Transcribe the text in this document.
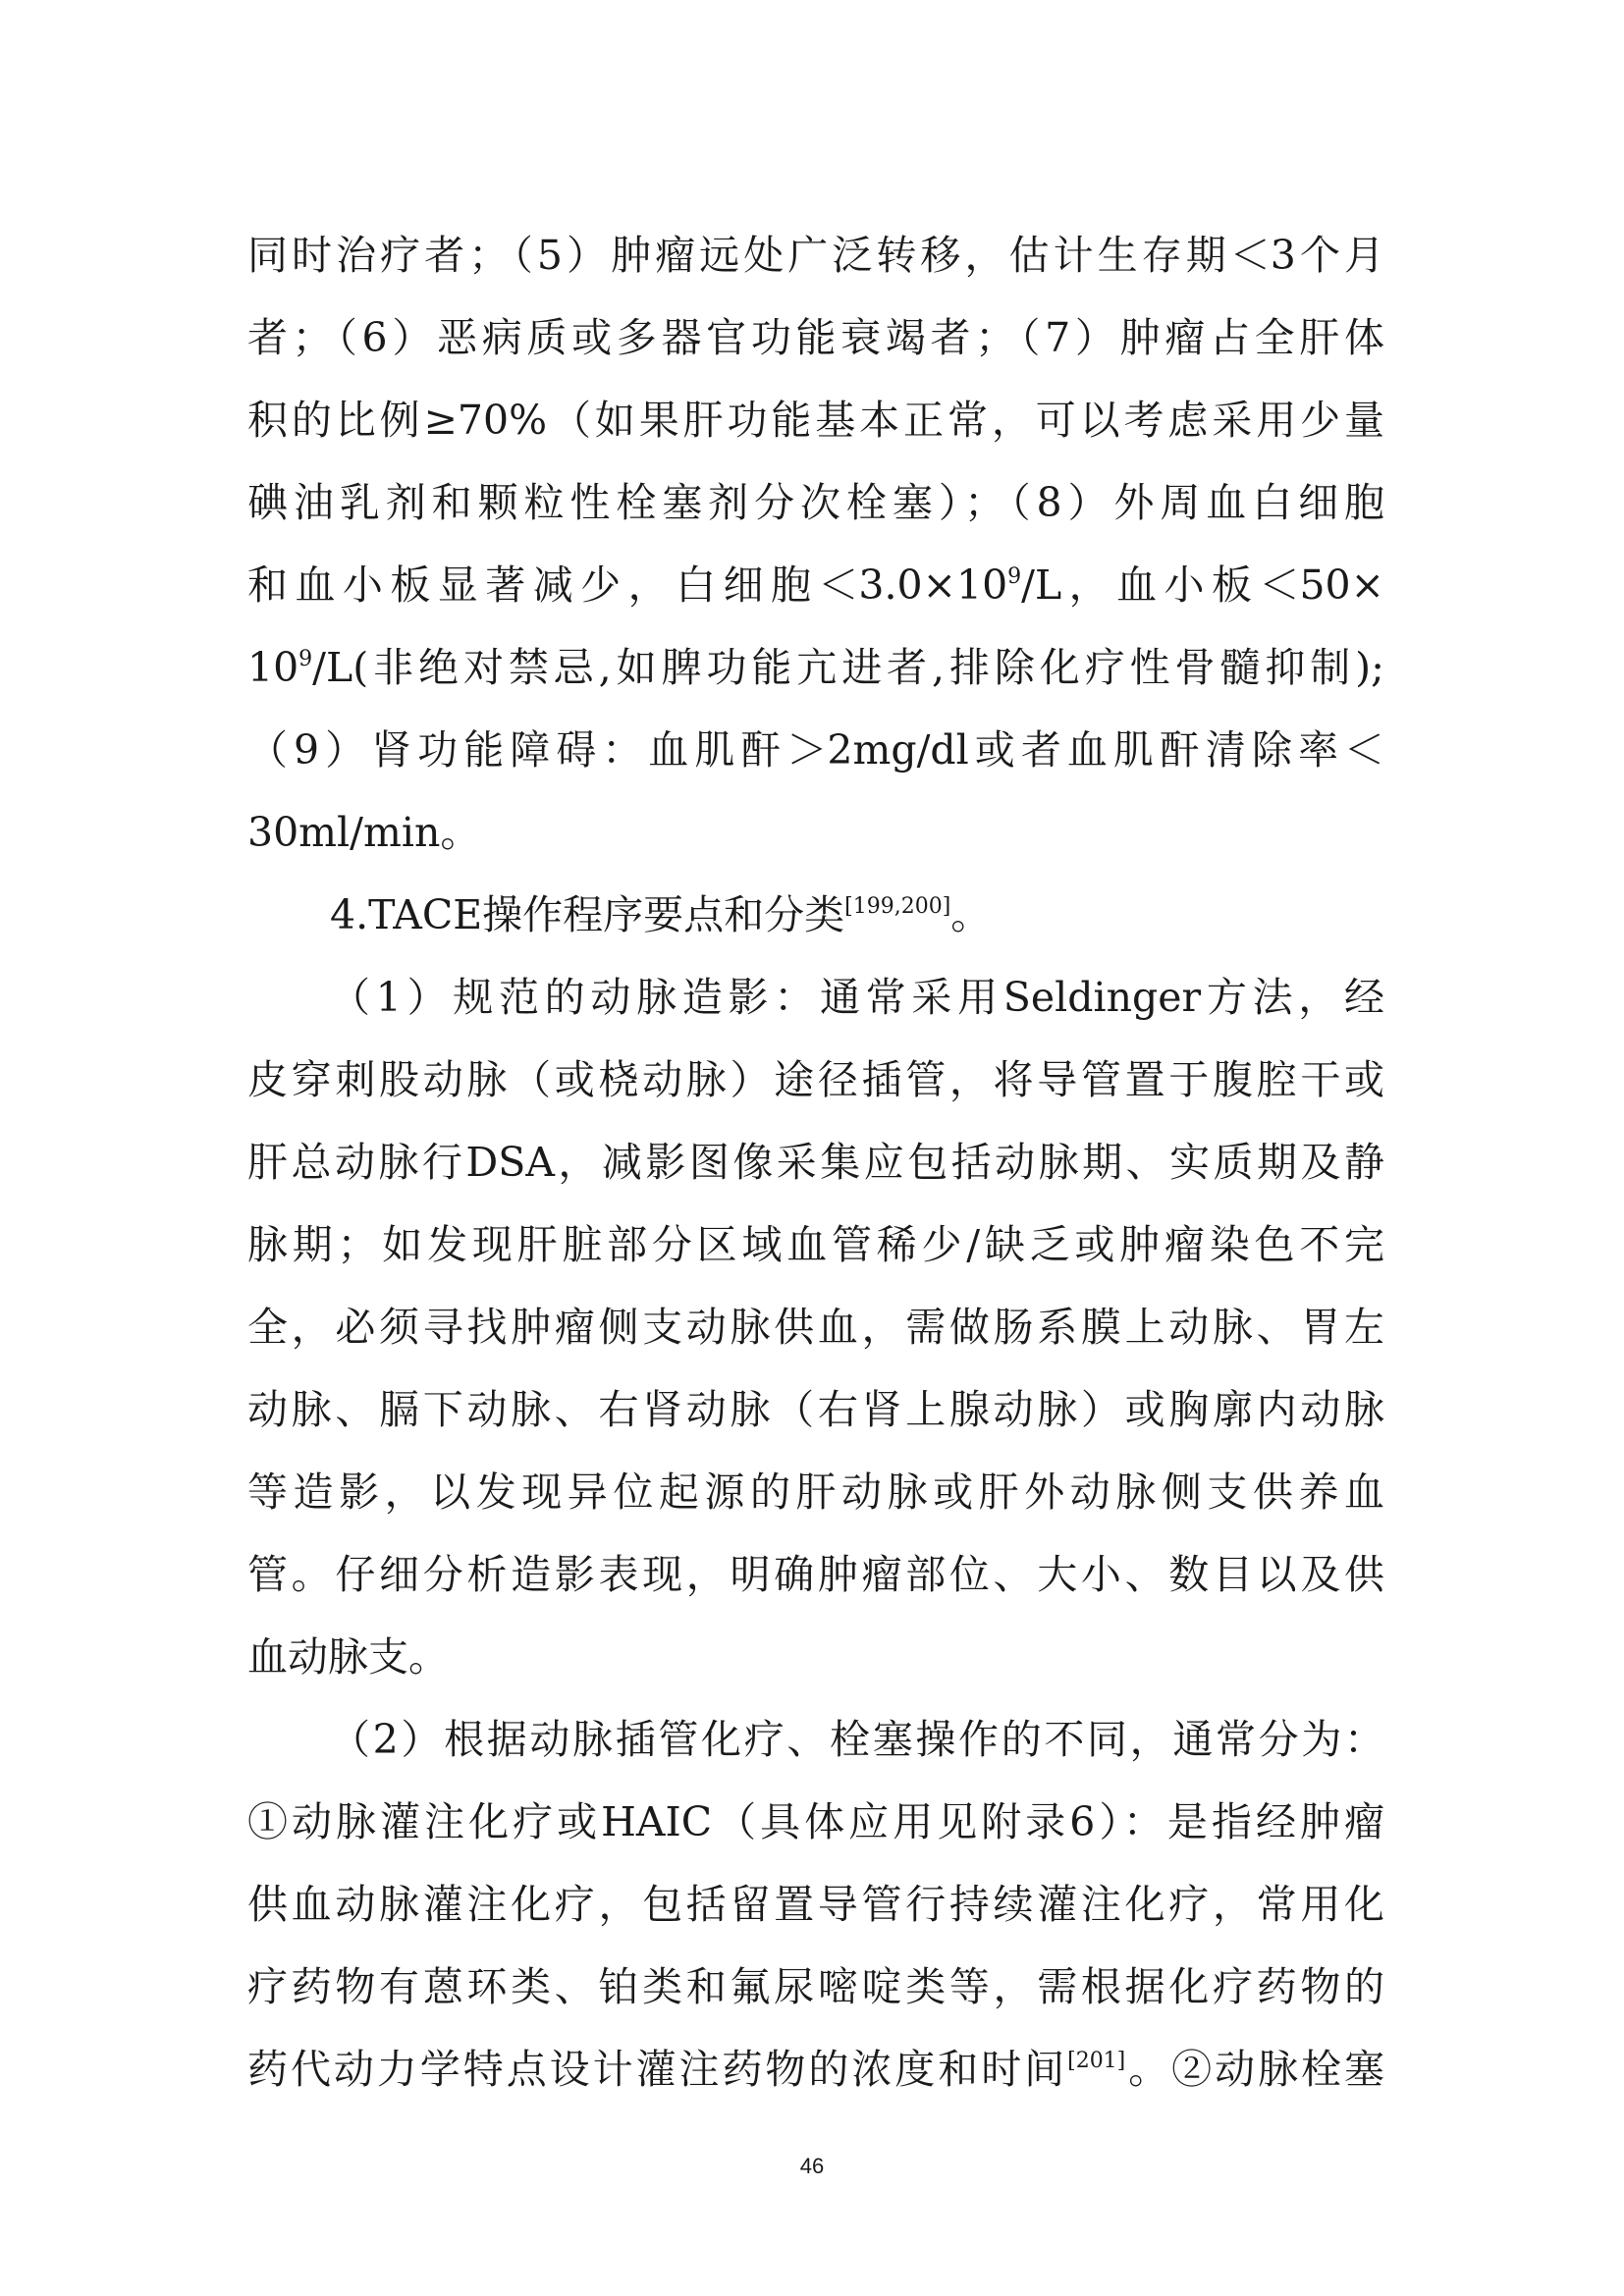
同时治疗者；（5）肿瘤远处广泛转移，估计生存期＜3个月
者；（6）恶病质或多器官功能衰竭者；（7）肿瘤占全肝体
积的比例≥70%（如果肝功能基本正常，可以考虑采用少量
碘油乳剂和颗粒性栓塞剂分次栓塞）；（8）外周血白细胞
和血小板显著减少，白细胞$<3.0\times 10^9/L$，血小板＜50×
$10^9/L$(非绝对禁忌,如脾功能亢进者,排除化疗性骨髓抑制);
（9）肾功能障碍：血肌酐＞2mg/dl或者血肌酐清除率＜
30ml/min。
4.TACE操作程序要点和分类[199,200]。
（1）规范的动脉造影：通常采用Seldinger方法，经
皮穿刺股动脉（或桡动脉）途径插管，将导管置于腹腔干或
肝总动脉行DSA，减影图像采集应包括动脉期、实质期及静
脉期；如发现肝脏部分区域血管稀少/缺乏或肿瘤染色不完
全，必须寻找肿瘤侧支动脉供血，需做肠系膜上动脉、胃左
动脉、膈下动脉、右肾动脉（右肾上腺动脉）或胸廓内动脉
等造影，以发现异位起源的肝动脉或肝外动脉侧支供养血
管。仔细分析造影表现，明确肿瘤部位、大小、数目以及供
血动脉支。
（2）根据动脉插管化疗、栓塞操作的不同，通常分为：
①动脉灌注化疗或HAIC（具体应用见附录6）：是指经肿瘤
供血动脉灌注化疗，包括留置导管行持续灌注化疗，常用化
疗药物有蒽环类、铂类和氟尿嘧啶类等，需根据化疗药物的
药代动力学特点设计灌注药物的浓度和时间[201]。②动脉栓塞
46
